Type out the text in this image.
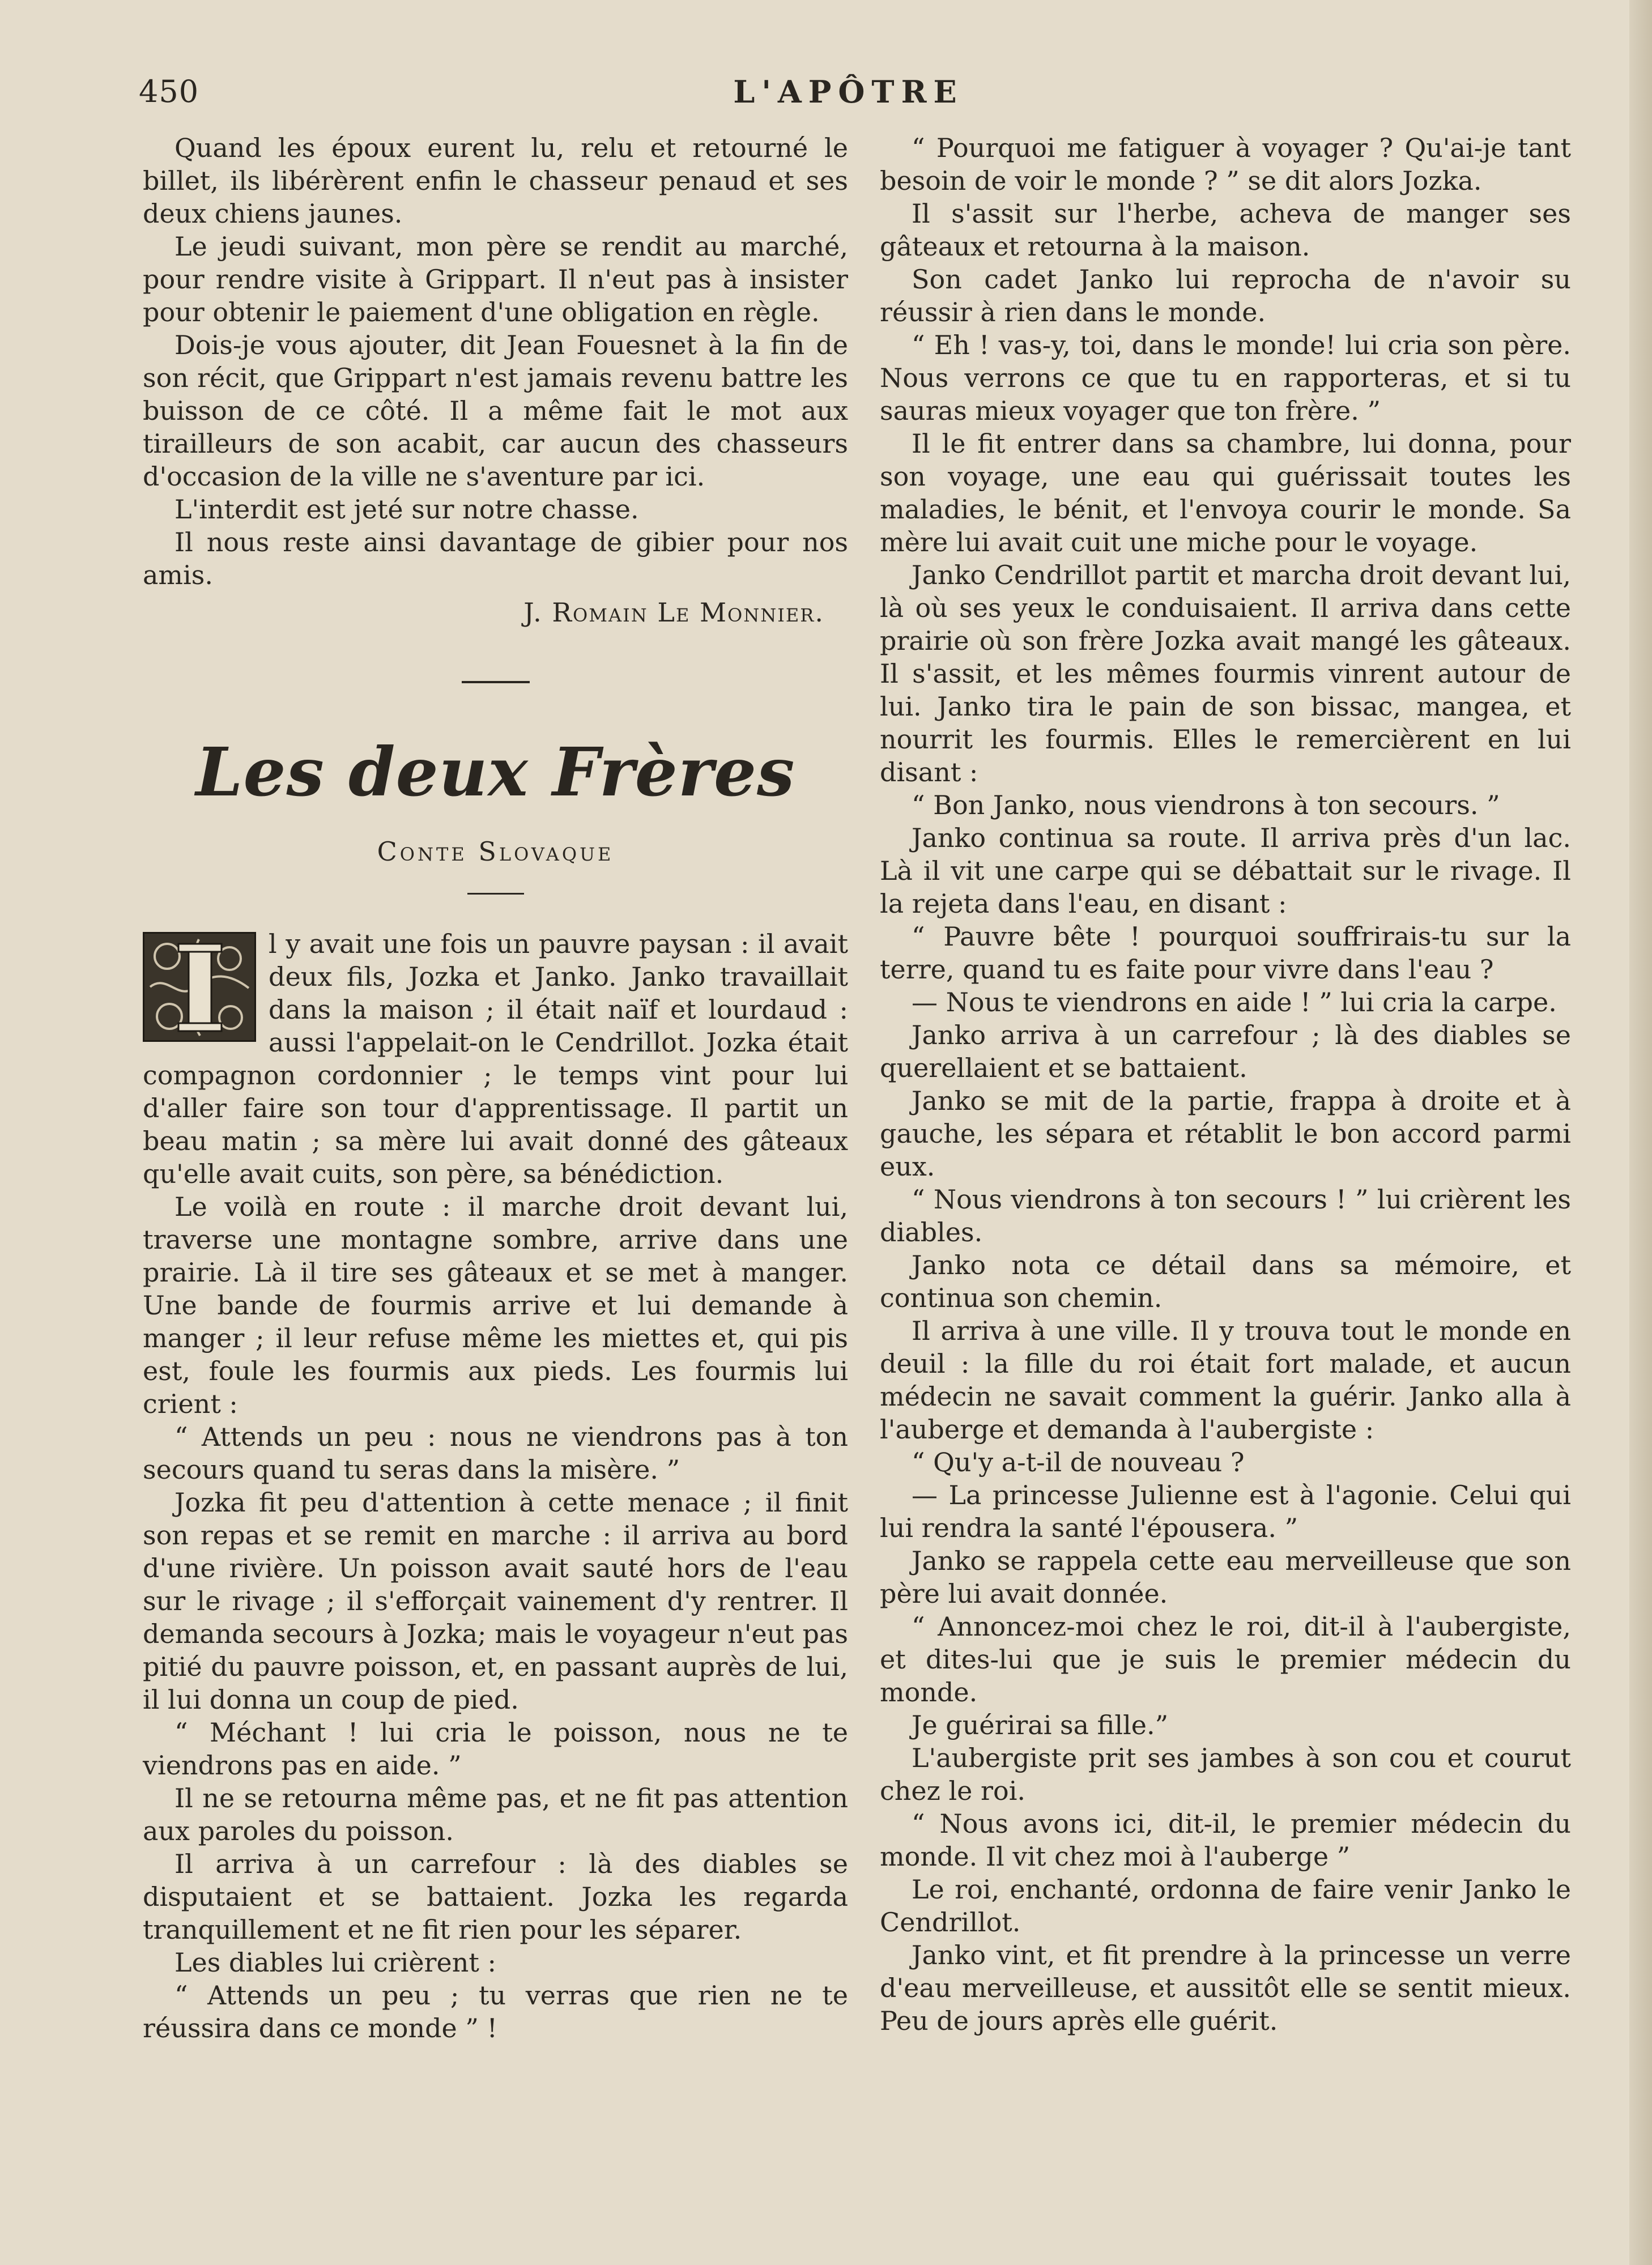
450	L'APÔTRE

Quand les époux eurent lu, relu et retourné le billet, ils libérèrent enfin le chasseur penaud et ses deux chiens jaunes.

Le jeudi suivant, mon père se rendit au marché, pour rendre visite à Grippart. Il n'eut pas à insister pour obtenir le paiement d'une obligation en règle.

Dois-je vous ajouter, dit Jean Fouesnet à la fin de son récit, que Grippart n'est jamais revenu battre les buisson de ce côté. Il a même fait le mot aux tirailleurs de son acabit, car aucun des chasseurs d'occasion de la ville ne s'aventure par ici.

L'interdit est jeté sur notre chasse.

Il nous reste ainsi davantage de gibier pour nos amis.

J. Romain Le Monnier.

Les deux Frères
Conte Slovaque

l y avait une fois un pauvre paysan : il avait deux fils, Jozka et Janko. Janko travaillait dans la maison ; il était naïf et lourdaud : aussi l'appelait-on le Cendrillot. Jozka était compagnon cordonnier ; le temps vint pour lui d'aller faire son tour d'apprentissage. Il partit un beau matin ; sa mère lui avait donné des gâteaux qu'elle avait cuits, son père, sa bénédiction.

Le voilà en route : il marche droit devant lui, traverse une montagne sombre, arrive dans une prairie. Là il tire ses gâteaux et se met à manger. Une bande de fourmis arrive et lui demande à manger ; il leur refuse même les miettes et, qui pis est, foule les fourmis aux pieds. Les fourmis lui crient :

“ Attends un peu : nous ne viendrons pas à ton secours quand tu seras dans la misère. ”

Jozka fit peu d'attention à cette menace ; il finit son repas et se remit en marche : il arriva au bord d'une rivière. Un poisson avait sauté hors de l'eau sur le rivage ; il s'efforçait vainement d'y rentrer. Il demanda secours à Jozka; mais le voyageur n'eut pas pitié du pauvre poisson, et, en passant auprès de lui, il lui donna un coup de pied.

“ Méchant ! lui cria le poisson, nous ne te viendrons pas en aide. ”

Il ne se retourna même pas, et ne fit pas attention aux paroles du poisson.

Il arriva à un carrefour : là des diables se disputaient et se battaient. Jozka les regarda tranquillement et ne fit rien pour les séparer.

Les diables lui crièrent :

“ Attends un peu ; tu verras que rien ne te réussira dans ce monde ” !

“ Pourquoi me fatiguer à voyager ? Qu'ai-je tant besoin de voir le monde ? ” se dit alors Jozka.

Il s'assit sur l'herbe, acheva de manger ses gâteaux et retourna à la maison.

Son cadet Janko lui reprocha de n'avoir su réussir à rien dans le monde.

“ Eh ! vas-y, toi, dans le monde! lui cria son père. Nous verrons ce que tu en rapporteras, et si tu sauras mieux voyager que ton frère. ”

Il le fit entrer dans sa chambre, lui donna, pour son voyage, une eau qui guérissait toutes les maladies, le bénit, et l'envoya courir le monde. Sa mère lui avait cuit une miche pour le voyage.

Janko Cendrillot partit et marcha droit devant lui, là où ses yeux le conduisaient. Il arriva dans cette prairie où son frère Jozka avait mangé les gâteaux. Il s'assit, et les mêmes fourmis vinrent autour de lui. Janko tira le pain de son bissac, mangea, et nourrit les fourmis. Elles le remercièrent en lui disant :

“ Bon Janko, nous viendrons à ton secours. ”

Janko continua sa route. Il arriva près d'un lac. Là il vit une carpe qui se débattait sur le rivage. Il la rejeta dans l'eau, en disant :

“ Pauvre bête ! pourquoi souffrirais-tu sur la terre, quand tu es faite pour vivre dans l'eau ?

— Nous te viendrons en aide ! ” lui cria la carpe.

Janko arriva à un carrefour ; là des diables se querellaient et se battaient.

Janko se mit de la partie, frappa à droite et à gauche, les sépara et rétablit le bon accord parmi eux.

“ Nous viendrons à ton secours ! ” lui crièrent les diables.

Janko nota ce détail dans sa mémoire, et continua son chemin.

Il arriva à une ville. Il y trouva tout le monde en deuil : la fille du roi était fort malade, et aucun médecin ne savait comment la guérir. Janko alla à l'auberge et demanda à l'aubergiste :

“ Qu'y a-t-il de nouveau ?

— La princesse Julienne est à l'agonie. Celui qui lui rendra la santé l'épousera. ”

Janko se rappela cette eau merveilleuse que son père lui avait donnée.

“ Annoncez-moi chez le roi, dit-il à l'aubergiste, et dites-lui que je suis le premier médecin du monde.

Je guérirai sa fille.”

L'aubergiste prit ses jambes à son cou et courut chez le roi.

“ Nous avons ici, dit-il, le premier médecin du monde. Il vit chez moi à l'auberge ”

Le roi, enchanté, ordonna de faire venir Janko le Cendrillot.

Janko vint, et fit prendre à la princesse un verre d'eau merveilleuse, et aussitôt elle se sentit mieux. Peu de jours après elle guérit.
